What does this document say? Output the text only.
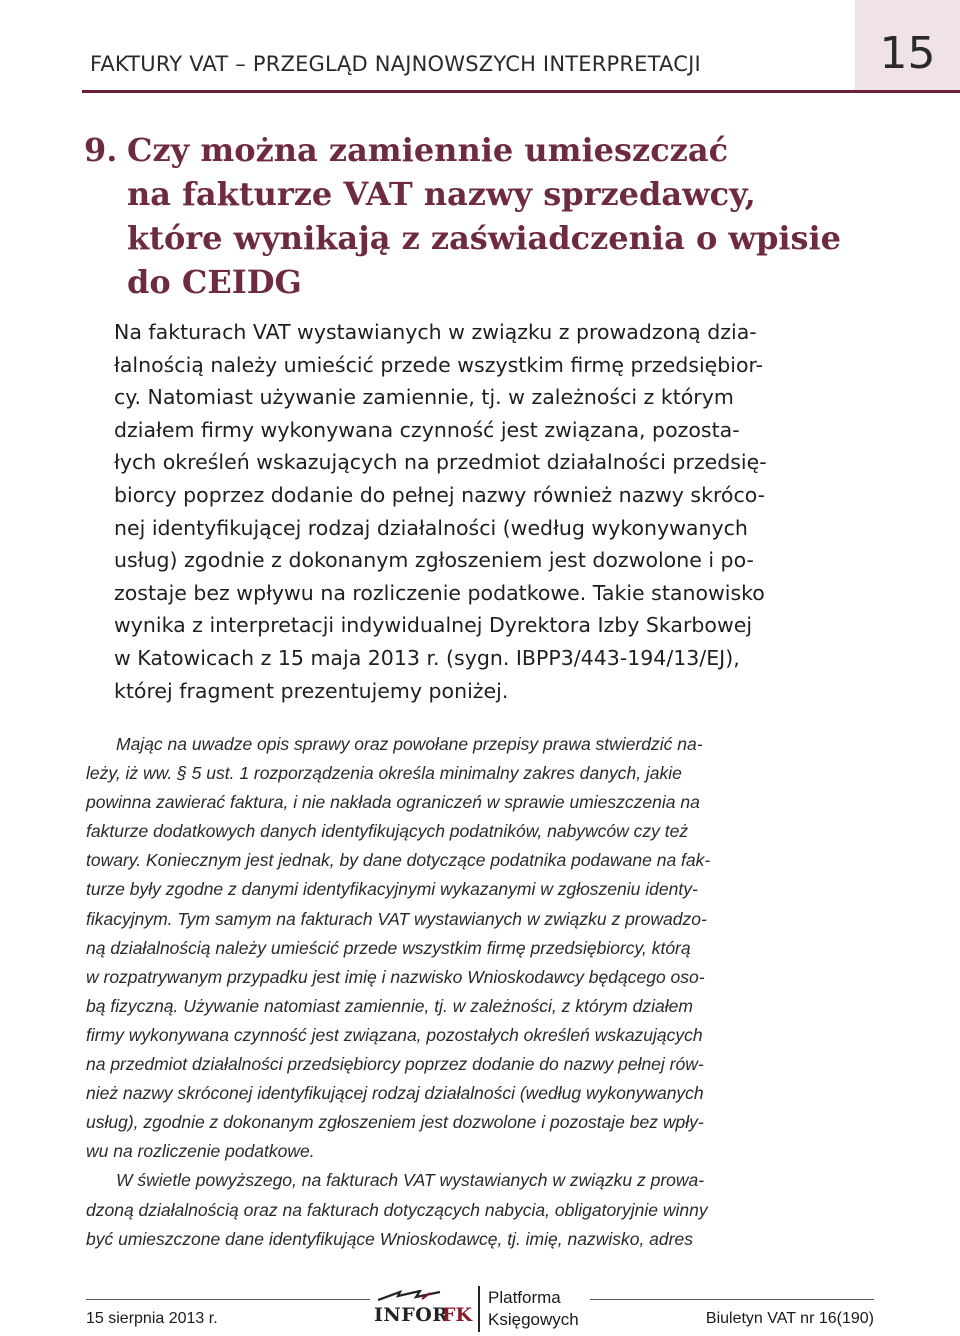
FAKTURY VAT – PRZEGLĄD NAJNOWSZYCH INTERPRETACJI	15
9. Czy można zamiennie umieszczać
na fakturze VAT nazwy sprzedawcy,
które wynikają z zaświadczenia o wpisie
do CEIDG
Na fakturach VAT wystawianych w związku z prowadzoną dzia-
łalnością należy umieścić przede wszystkim firmę przedsiębior-
cy. Natomiast używanie zamiennie, tj. w zależności z którym
działem firmy wykonywana czynność jest związana, pozosta-
łych określeń wskazujących na przedmiot działalności przedsię-
biorcy poprzez dodanie do pełnej nazwy również nazwy skróco-
nej identyfikującej rodzaj działalności (według wykonywanych
usług) zgodnie z dokonanym zgłoszeniem jest dozwolone i po-
zostaje bez wpływu na rozliczenie podatkowe. Takie stanowisko
wynika z interpretacji indywidualnej Dyrektora Izby Skarbowej
w Katowicach z 15 maja 2013 r. (sygn. IBPP3/443-194/13/EJ),
której fragment prezentujemy poniżej.
Mając na uwadze opis sprawy oraz powołane przepisy prawa stwierdzić na-
leży, iż ww. § 5 ust. 1 rozporządzenia określa minimalny zakres danych, jakie
powinna zawierać faktura, i nie nakłada ograniczeń w sprawie umieszczenia na
fakturze dodatkowych danych identyfikujących podatników, nabywców czy też
towary. Koniecznym jest jednak, by dane dotyczące podatnika podawane na fak-
turze były zgodne z danymi identyfikacyjnymi wykazanymi w zgłoszeniu identy-
fikacyjnym. Tym samym na fakturach VAT wystawianych w związku z prowadzo-
ną działalnością należy umieścić przede wszystkim firmę przedsiębiorcy, którą
w rozpatrywanym przypadku jest imię i nazwisko Wnioskodawcy będącego oso-
bą fizyczną. Używanie natomiast zamiennie, tj. w zależności, z którym działem
firmy wykonywana czynność jest związana, pozostałych określeń wskazujących
na przedmiot działalności przedsiębiorcy poprzez dodanie do nazwy pełnej rów-
nież nazwy skróconej identyfikującej rodzaj działalności (według wykonywanych
usług), zgodnie z dokonanym zgłoszeniem jest dozwolone i pozostaje bez wpły-
wu na rozliczenie podatkowe.
W świetle powyższego, na fakturach VAT wystawianych w związku z prowa-
dzoną działalnością oraz na fakturach dotyczących nabycia, obligatoryjnie winny
być umieszczone dane identyfikujące Wnioskodawcę, tj. imię, nazwisko, adres
15 sierpnia 2013 r.	INFOR
FK
Platforma
Księgowych	Biuletyn VAT nr 16(190)
